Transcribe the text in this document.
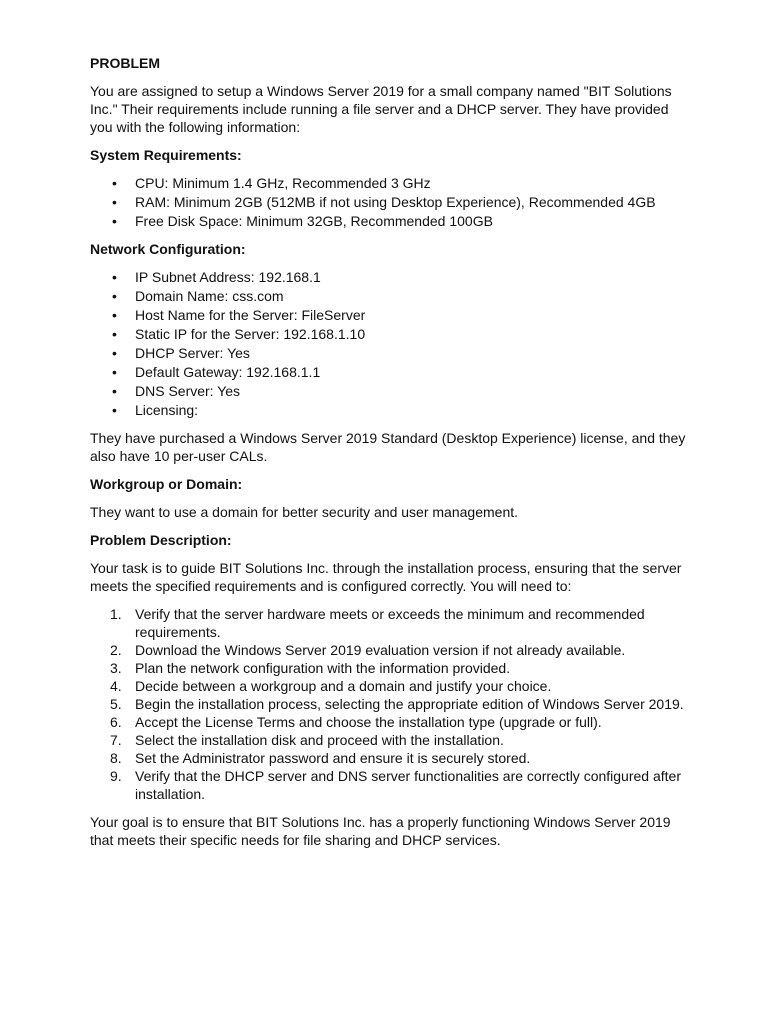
PROBLEM
You are assigned to setup a Windows Server 2019 for a small company named "BIT Solutions Inc." Their requirements include running a file server and a DHCP server. They have provided you with the following information:
System Requirements:
• CPU: Minimum 1.4 GHz, Recommended 3 GHz
• RAM: Minimum 2GB (512MB if not using Desktop Experience), Recommended 4GB
• Free Disk Space: Minimum 32GB, Recommended 100GB
Network Configuration:
• IP Subnet Address: 192.168.1
• Domain Name: css.com
• Host Name for the Server: FileServer
• Static IP for the Server: 192.168.1.10
• DHCP Server: Yes
• Default Gateway: 192.168.1.1
• DNS Server: Yes
• Licensing:
They have purchased a Windows Server 2019 Standard (Desktop Experience) license, and they also have 10 per-user CALs.
Workgroup or Domain:
They want to use a domain for better security and user management.
Problem Description:
Your task is to guide BIT Solutions Inc. through the installation process, ensuring that the server meets the specified requirements and is configured correctly. You will need to:
1. Verify that the server hardware meets or exceeds the minimum and recommended requirements.
2. Download the Windows Server 2019 evaluation version if not already available.
3. Plan the network configuration with the information provided.
4. Decide between a workgroup and a domain and justify your choice.
5. Begin the installation process, selecting the appropriate edition of Windows Server 2019.
6. Accept the License Terms and choose the installation type (upgrade or full).
7. Select the installation disk and proceed with the installation.
8. Set the Administrator password and ensure it is securely stored.
9. Verify that the DHCP server and DNS server functionalities are correctly configured after installation.
Your goal is to ensure that BIT Solutions Inc. has a properly functioning Windows Server 2019 that meets their specific needs for file sharing and DHCP services.
